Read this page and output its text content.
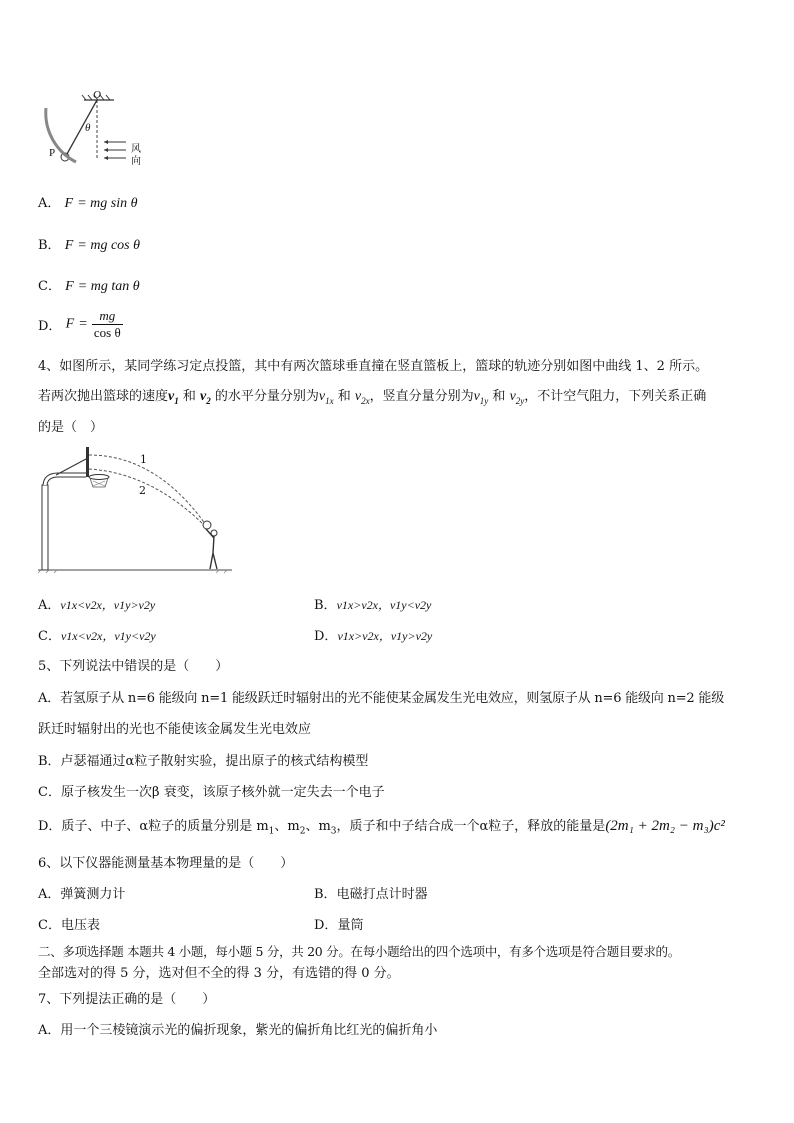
O
θ
P	风
向
A． F = mg sin θ
B． F = mg cos θ
C． F = mg tan θ
D． $F = \frac{mg}{\text{cos θ}}$
4、如图所示，某同学练习定点投篮，其中有两次篮球垂直撞在竖直篮板上，篮球的轨迹分别如图中曲线 1、2 所示。
若两次抛出篮球的速度$v_1$ 和 $v_2$ 的水平分量分别为$v_{1x}$ 和 $v_{2x}$，竖直分量分别为$v_{1y}$ 和 $v_{2y}$，不计空气阻力，下列关系正确
的是（　）
1
2
A．v1x<v2x，v1y>v2y	B．v1x>v2x，v1y<v2y
C．v1x<v2x，v1y<v2y	D．v1x>v2x，v1y>v2y
5、下列说法中错误的是（　　）
A．若氢原子从 n=6 能级向 n=1 能级跃迁时辐射出的光不能使某金属发生光电效应，则氢原子从 n=6 能级向 n=2 能级
跃迁时辐射出的光也不能使该金属发生光电效应
B．卢瑟福通过α粒子散射实验，提出原子的核式结构模型
C．原子核发生一次β 衰变，该原子核外就一定失去一个电子
D．质子、中子、α粒子的质量分别是 $m_1$、$m_2$、$m_3$，质子和中子结合成一个α粒子，释放的能量是(2m₁ + 2m₂ − m₃)c²
6、以下仪器能测量基本物理量的是（　　）
A．弹簧测力计	B．电磁打点计时器
C．电压表	D．量筒
二、多项选择题 本题共 4 小题，每小题 5 分，共 20 分。在每小题给出的四个选项中，有多个选项是符合题目要求的。
全部选对的得 5 分，选对但不全的得 3 分，有选错的得 0 分。
7、下列提法正确的是（　　）
A．用一个三棱镜演示光的偏折现象，紫光的偏折角比红光的偏折角小
